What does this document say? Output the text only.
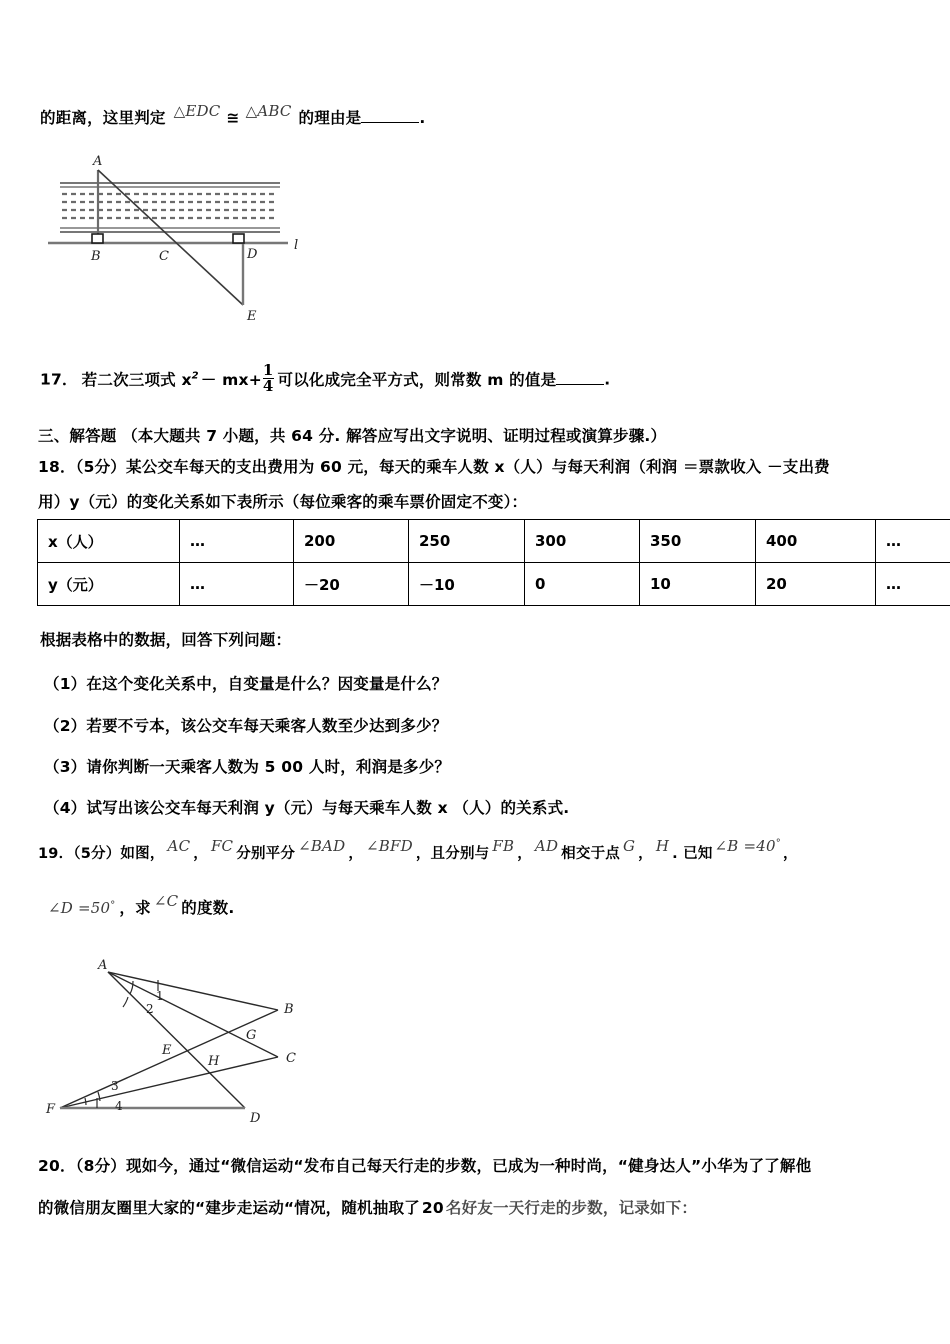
的距离，这里判定 △EDC ≅ △ABC 的理由是	.
A
B	C	D
E
l
17． 若二次三项式 $x^2 - mx+ \frac{1}{4}$ 可以化成完全平方式，则常数 m 的值是	.
三、解答题 （本大题共 7 小题，共 64 分. 解答应写出文字说明、证明过程或演算步骤.）
18．（5分）某公交车每天的支出费用为 60 元，每天的乘车人数 x（人）与每天利润（利润 ＝票款收入 －支出费
用）y（元）的变化关系如下表所示（每位乘客的乘车票价固定不变）：
x（人）	…	200	250	300	350	400	…
y（元）	…	－20	－10	0	10	20	…
根据表格中的数据，回答下列问题：
（1）在这个变化关系中，自变量是什么？因变量是什么？
（2）若要不亏本，该公交车每天乘客人数至少达到多少？
（3）请你判断一天乘客人数为 5 00 人时，利润是多少？
（4）试写出该公交车每天利润 y（元）与每天乘车人数 x （人）的关系式.
19．（5分）如图， AC ， FC 分别平分 ∠BAD ， ∠BFD ，且分别与 FB ， AD 相交于点 G ， H . 已知 ∠B =40°，
∠D =50° ，求 ∠C 的度数.
A
B
G
C
E
H
F
D
1
2
3
4
20．（8分）现如今，通过“微信运动“发布自己每天行走的步数，已成为一种时尚，“健身达人”小华为了了解他
的微信朋友圈里大家的“建步走运动“情况，随机抽取了 20 名好友一天行走的步数，记录如下：
